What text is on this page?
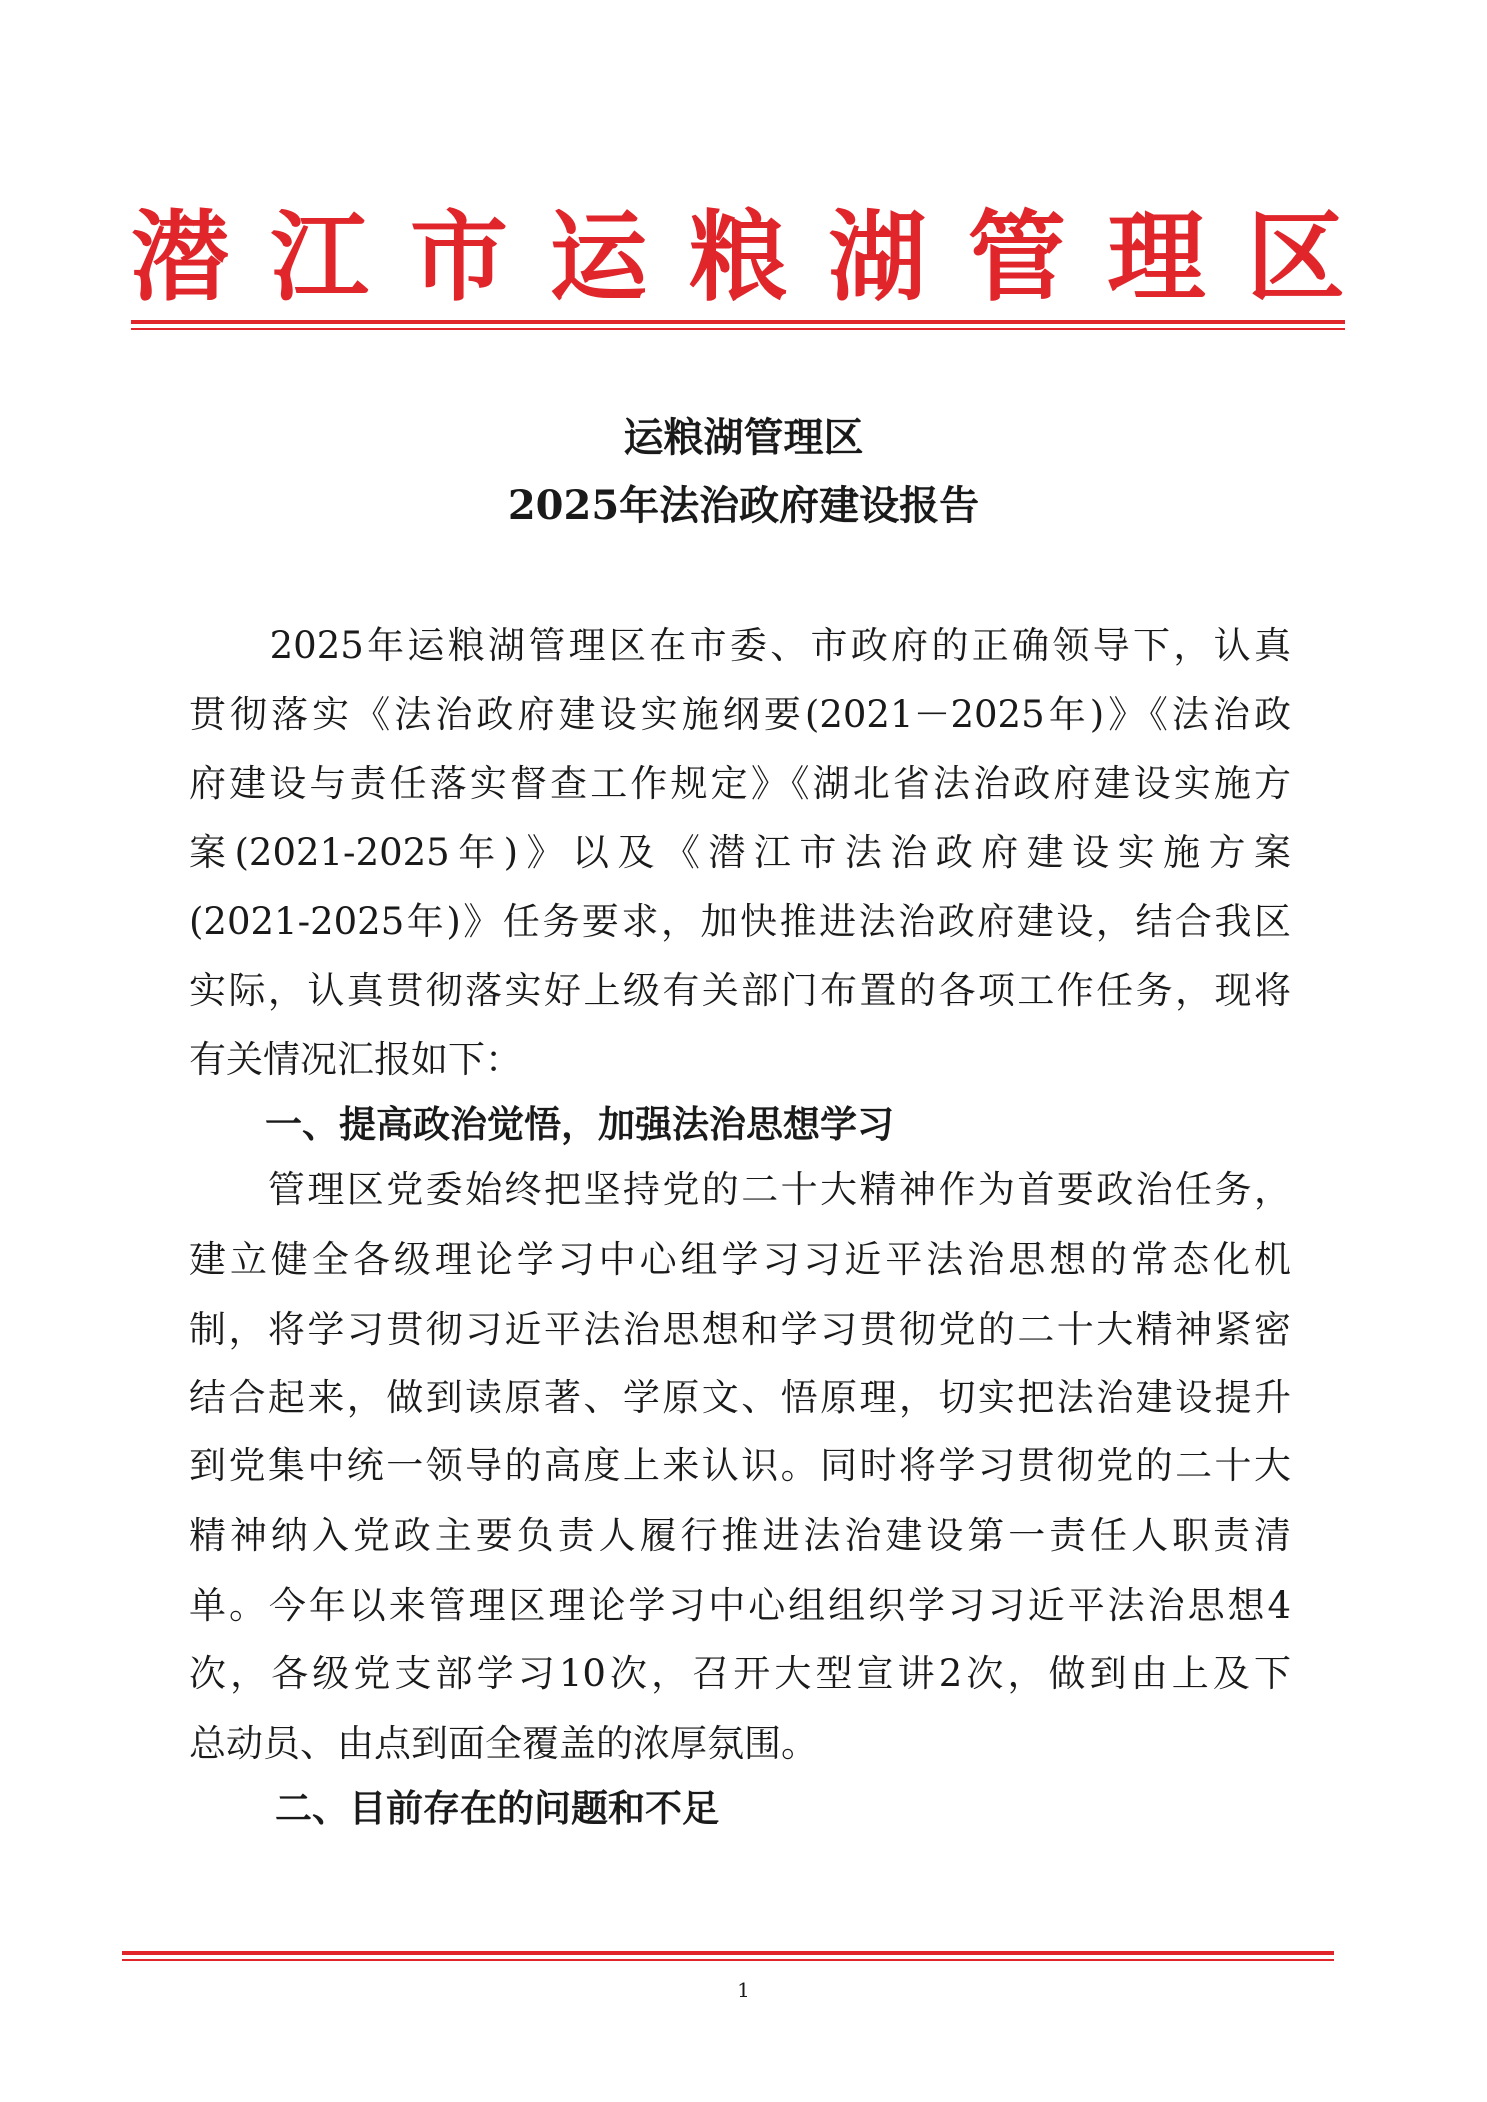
潜 江 市 运 粮 湖 管 理 区
运粮湖管理区
2025年法治政府建设报告
　　2025年运粮湖管理区在市委、市政府的正确领导下，认真
贯彻落实《法治政府建设实施纲要(2021－2025年)》《法治政
府建设与责任落实督查工作规定》《湖北省法治政府建设实施方
案(2021-2025年)》以及《潜江市法治政府建设实施方案
(2021-2025年)》任务要求，加快推进法治政府建设，结合我区
实际，认真贯彻落实好上级有关部门布置的各项工作任务，现将
有关情况汇报如下：
一、提高政治觉悟，加强法治思想学习
　　管理区党委始终把坚持党的二十大精神作为首要政治任务，
建立健全各级理论学习中心组学习习近平法治思想的常态化机
制，将学习贯彻习近平法治思想和学习贯彻党的二十大精神紧密
结合起来，做到读原著、学原文、悟原理，切实把法治建设提升
到党集中统一领导的高度上来认识。同时将学习贯彻党的二十大
精神纳入党政主要负责人履行推进法治建设第一责任人职责清
单。今年以来管理区理论学习中心组组织学习习近平法治思想4
次，各级党支部学习10次，召开大型宣讲2次，做到由上及下
总动员、由点到面全覆盖的浓厚氛围。
二、目前存在的问题和不足
1
